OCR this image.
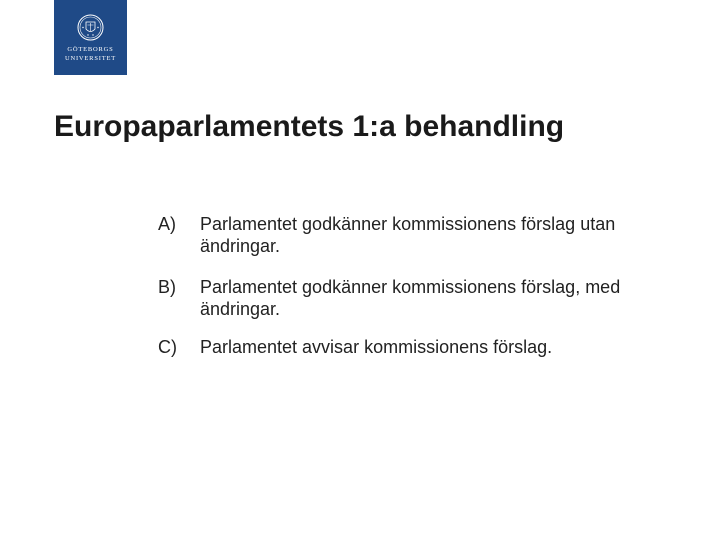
GÖTEBORGS
UNIVERSITET
Europaparlamentets 1:a behandling
A) Parlamentet godkänner kommissionens förslag utan ändringar.
B) Parlamentet godkänner kommissionens förslag, med ändringar.
C) Parlamentet avvisar kommissionens förslag.
